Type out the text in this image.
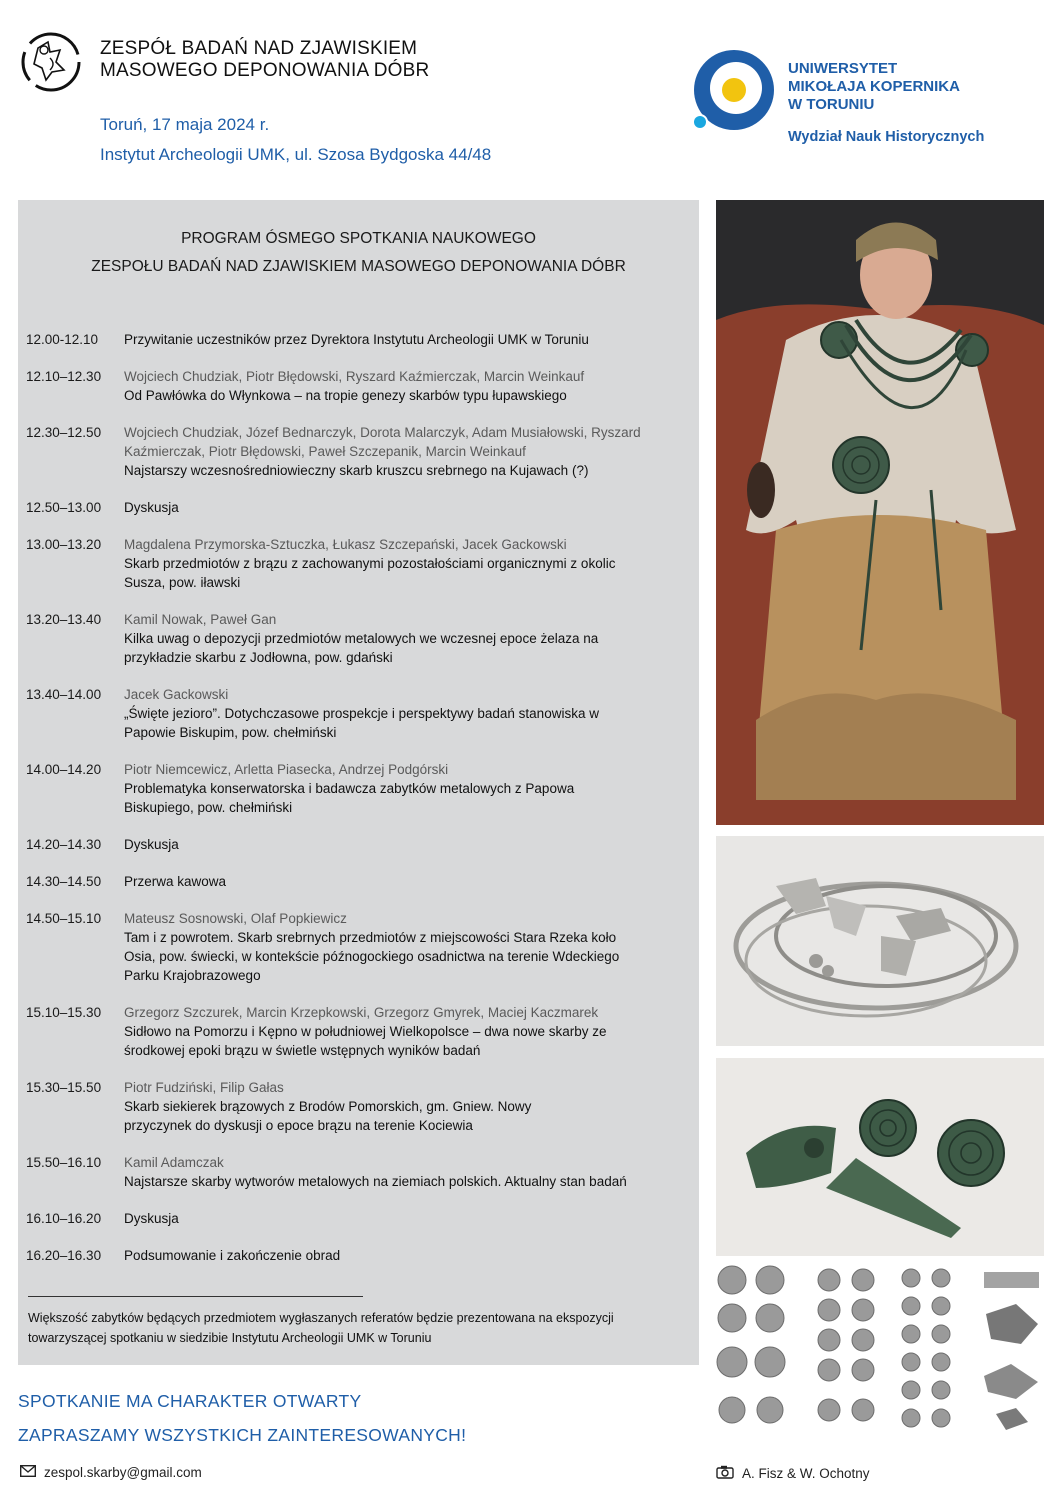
ZESPÓŁ BADAŃ NAD ZJAWISKIEM
MASOWEGO DEPONOWANIA DÓBR
Toruń, 17 maja 2024 r.
Instytut Archeologii UMK, ul. Szosa Bydgoska 44/48
UNIWERSYTET
MIKOŁAJA KOPERNIKA
W TORUNIU
Wydział Nauk Historycznych
PROGRAM ÓSMEGO SPOTKANIA NAUKOWEGO
ZESPOŁU BADAŃ NAD ZJAWISKIEM MASOWEGO DEPONOWANIA DÓBR
12.00-12.10	Przywitanie uczestników przez Dyrektora Instytutu Archeologii UMK w Toruniu
12.10–12.30	Wojciech Chudziak, Piotr Błędowski, Ryszard Kaźmierczak, Marcin Weinkauf
Od Pawłówka do Włynkowa – na tropie genezy skarbów typu łupawskiego
12.30–12.50	Wojciech Chudziak, Józef Bednarczyk, Dorota Malarczyk, Adam Musiałowski, Ryszard Kaźmierczak, Piotr Błędowski, Paweł Szczepanik, Marcin Weinkauf
Najstarszy wczesnośredniowieczny skarb kruszcu srebrnego na Kujawach (?)
12.50–13.00	Dyskusja
13.00–13.20	Magdalena Przymorska-Sztuczka, Łukasz Szczepański, Jacek Gackowski
Skarb przedmiotów z brązu z zachowanymi pozostałościami organicznymi z okolic Susza, pow. iławski
13.20–13.40	Kamil Nowak, Paweł Gan
Kilka uwag o depozycji przedmiotów metalowych we wczesnej epoce żelaza na przykładzie skarbu z Jodłowna, pow. gdański
13.40–14.00	Jacek Gackowski
„Święte jezioro”. Dotychczasowe prospekcje i perspektywy badań stanowiska w Papowie Biskupim, pow. chełmiński
14.00–14.20	Piotr Niemcewicz, Arletta Piasecka, Andrzej Podgórski
Problematyka konserwatorska i badawcza zabytków metalowych z Papowa Biskupiego, pow. chełmiński
14.20–14.30	Dyskusja
14.30–14.50	Przerwa kawowa
14.50–15.10	Mateusz Sosnowski, Olaf Popkiewicz
Tam i z powrotem. Skarb srebrnych przedmiotów z miejscowości Stara Rzeka koło Osia, pow. świecki, w kontekście późnogockiego osadnictwa na terenie Wdeckiego Parku Krajobrazowego
15.10–15.30	Grzegorz Szczurek, Marcin Krzepkowski, Grzegorz Gmyrek, Maciej Kaczmarek
Sidłowo na Pomorzu i Kępno w południowej Wielkopolsce – dwa nowe skarby ze środkowej epoki brązu w świetle wstępnych wyników badań
15.30–15.50	Piotr Fudziński, Filip Gałas
Skarb siekierek brązowych z Brodów Pomorskich, gm. Gniew. Nowy przyczynek do dyskusji o epoce brązu na terenie Kociewia
15.50–16.10	Kamil Adamczak
Najstarsze skarby wytworów metalowych na ziemiach polskich. Aktualny stan badań
16.10–16.20	Dyskusja
16.20–16.30	Podsumowanie i zakończenie obrad
Większość zabytków będących przedmiotem wygłaszanych referatów będzie prezentowana na ekspozycji towarzyszącej spotkaniu w siedzibie Instytutu Archeologii UMK w Toruniu
SPOTKANIE MA CHARAKTER OTWARTY
ZAPRASZAMY WSZYSTKICH ZAINTERESOWANYCH!
zespol.skarby@gmail.com	A. Fisz & W. Ochotny
